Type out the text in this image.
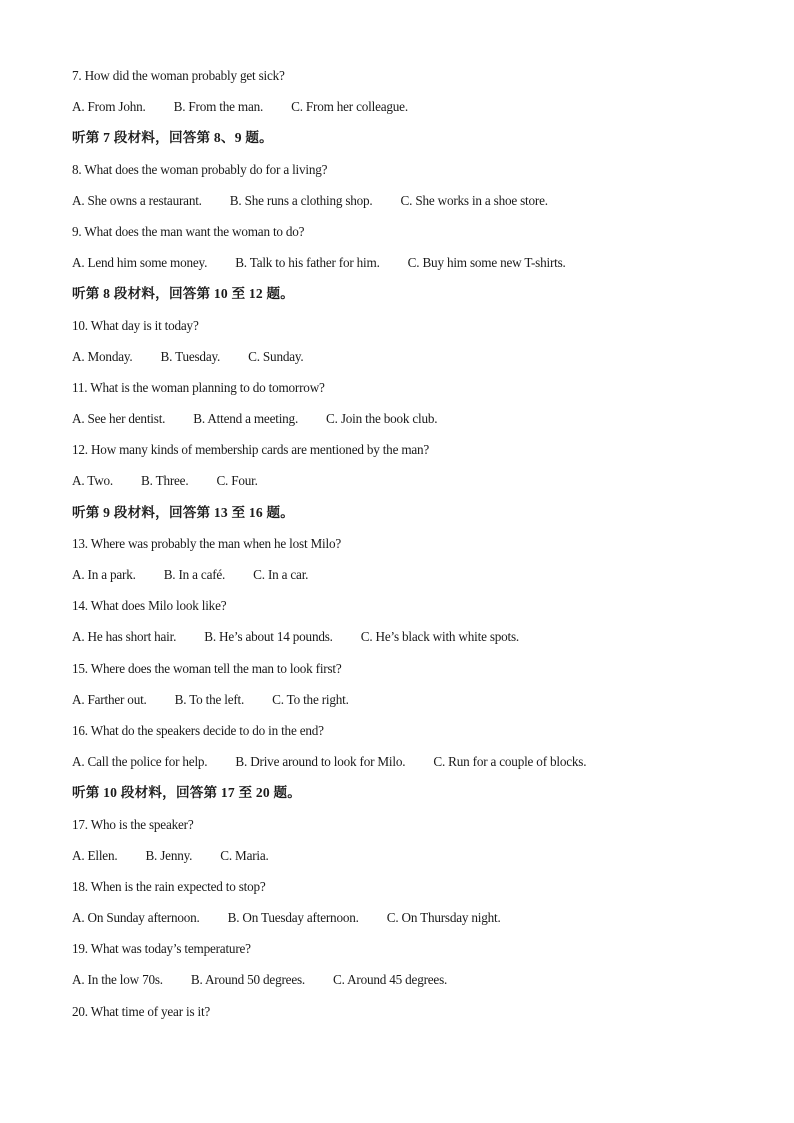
7. How did the woman probably get sick?
A. From John. B. From the man. C. From her colleague.
听第 7 段材料，回答第 8、9 题。
8. What does the woman probably do for a living?
A. She owns a restaurant. B. She runs a clothing shop. C. She works in a shoe store.
9. What does the man want the woman to do?
A. Lend him some money. B. Talk to his father for him. C. Buy him some new T-shirts.
听第 8 段材料，回答第 10 至 12 题。
10. What day is it today?
A. Monday. B. Tuesday. C. Sunday.
11. What is the woman planning to do tomorrow?
A. See her dentist. B. Attend a meeting. C. Join the book club.
12. How many kinds of membership cards are mentioned by the man?
A. Two. B. Three. C. Four.
听第 9 段材料，回答第 13 至 16 题。
13. Where was probably the man when he lost Milo?
A. In a park. B. In a café. C. In a car.
14. What does Milo look like?
A. He has short hair. B. He’s about 14 pounds. C. He’s black with white spots.
15. Where does the woman tell the man to look first?
A. Farther out. B. To the left. C. To the right.
16. What do the speakers decide to do in the end?
A. Call the police for help. B. Drive around to look for Milo. C. Run for a couple of blocks.
听第 10 段材料，回答第 17 至 20 题。
17. Who is the speaker?
A. Ellen. B. Jenny. C. Maria.
18. When is the rain expected to stop?
A. On Sunday afternoon. B. On Tuesday afternoon. C. On Thursday night.
19. What was today’s temperature?
A. In the low 70s. B. Around 50 degrees. C. Around 45 degrees.
20. What time of year is it?
